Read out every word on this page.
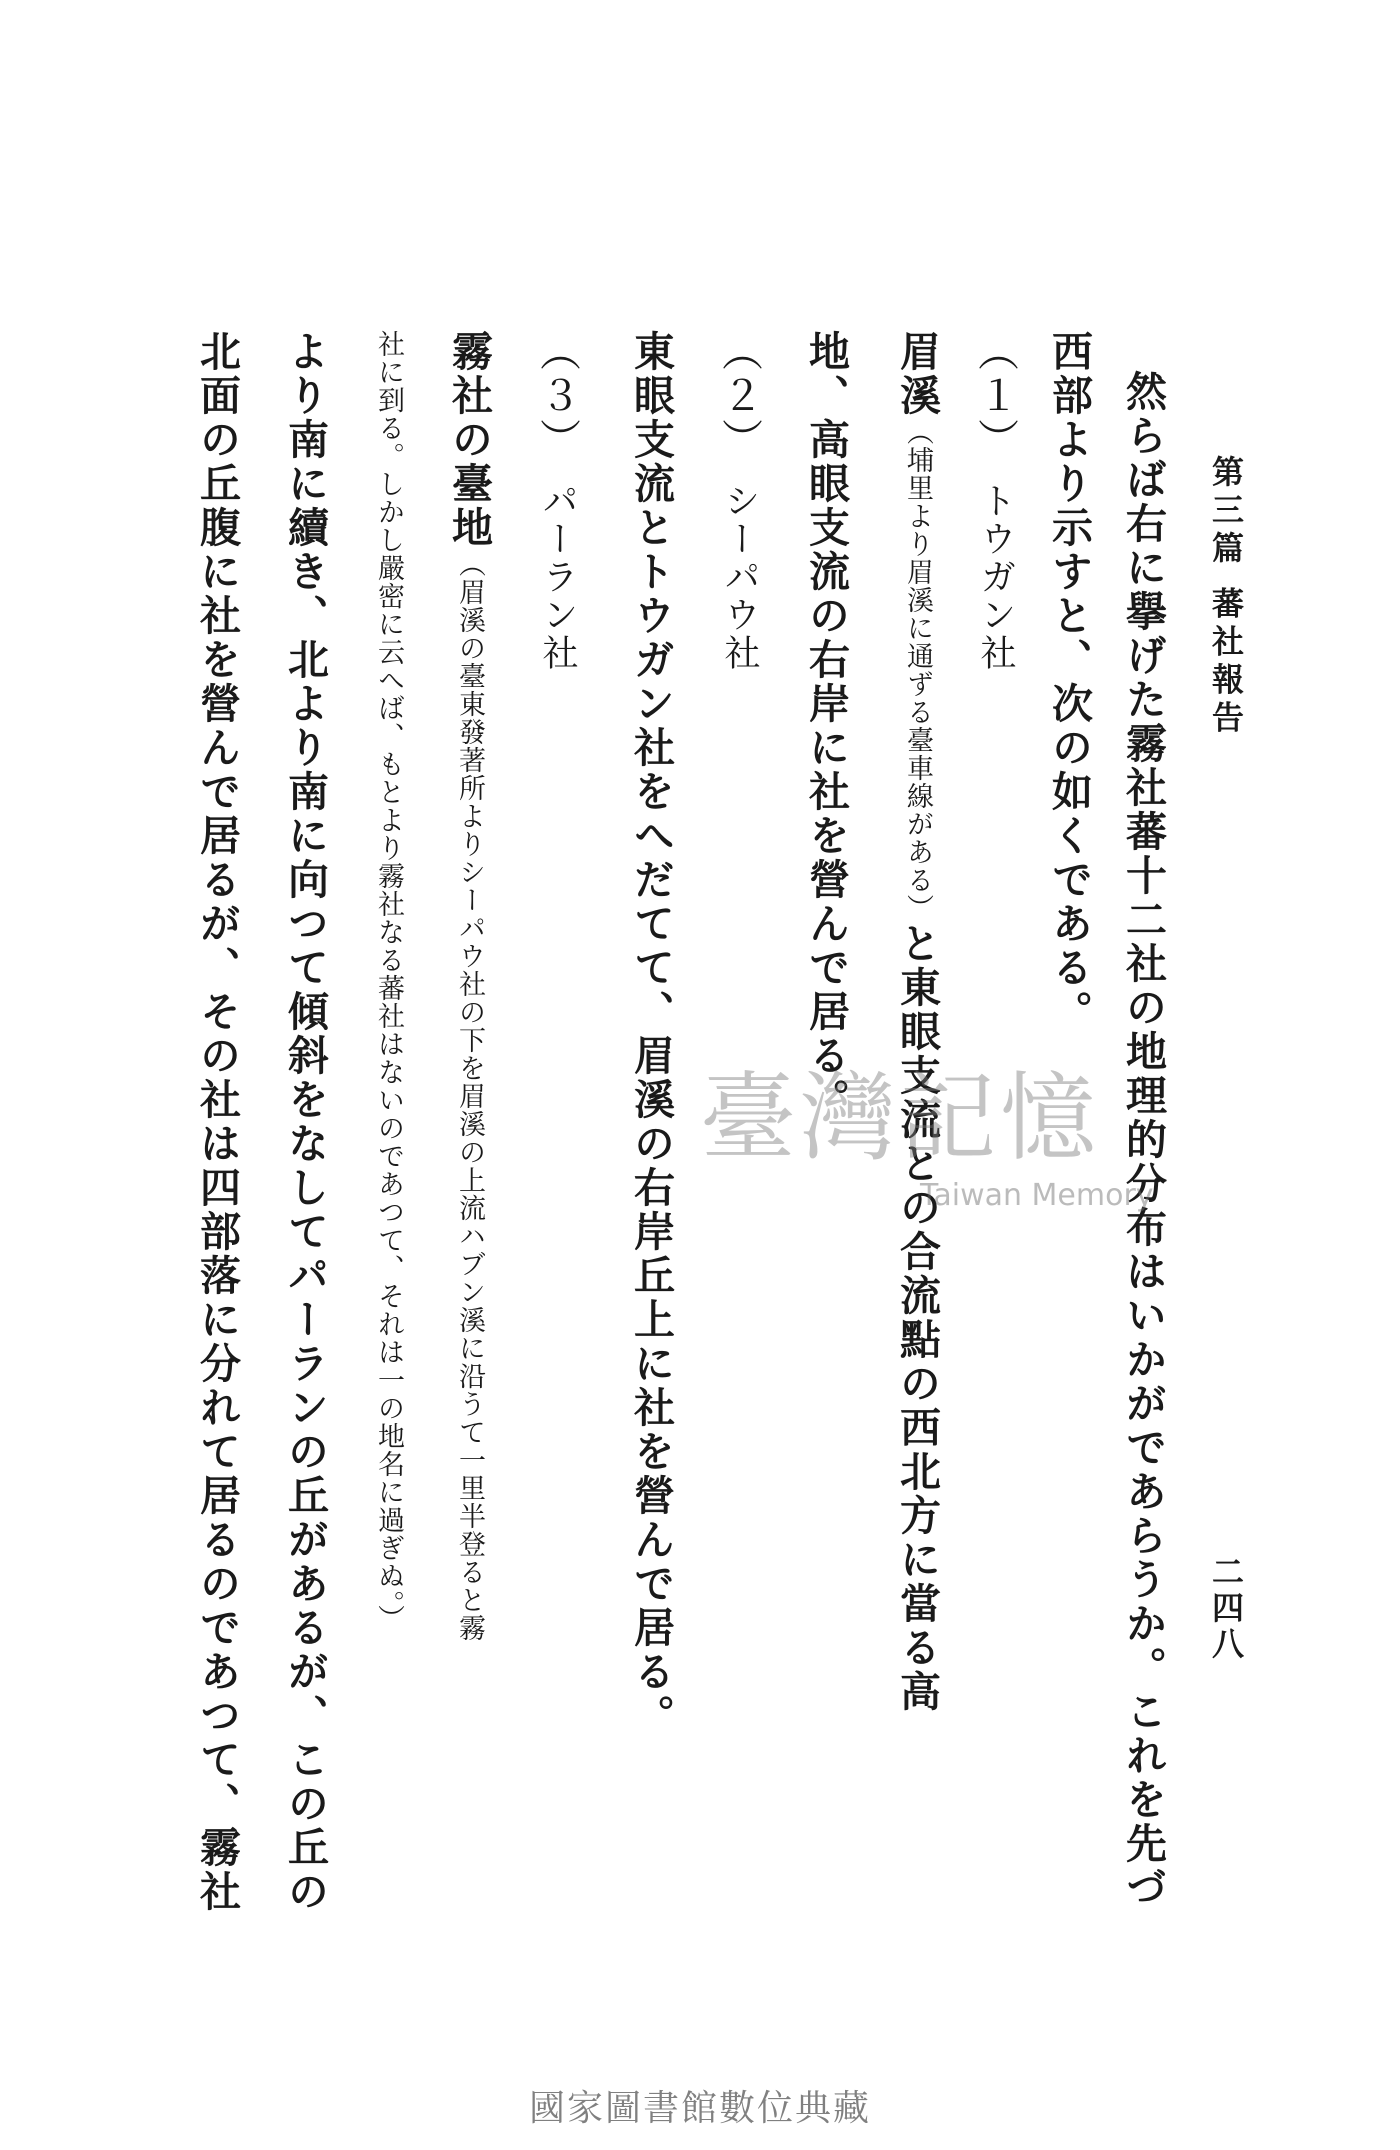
第三篇 蕃社報告
二四八
然らば右に擧げた霧社蕃十二社の地理的分布はいかがであらうか。これを先づ
西部より示すと、次の如くである。
（１）トウガン社
眉溪（埔里より眉溪に通ずる臺車線がある）と東眼支流との合流點の西北方に當る高
地、高眼支流の右岸に社を營んで居る。
（２）シーパウ社
東眼支流とトウガン社をへだてて、眉溪の右岸丘上に社を營んで居る。
（３）パーラン社
霧社の臺地（眉溪の臺東發著所よりシーパウ社の下を眉溪の上流ハブン溪に沿うて一里半登ると霧
社に到る。しかし嚴密に云へば、もとより霧社なる蕃社はないのであつて、それは一の地名に過ぎぬ。）
より南に續き、北より南に向つて傾斜をなしてパーランの丘があるが、この丘の
北面の丘腹に社を營んで居るが、その社は四部落に分れて居るのであつて、霧社	臺灣記憶
Taiwan Memory
國家圖書館數位典藏
